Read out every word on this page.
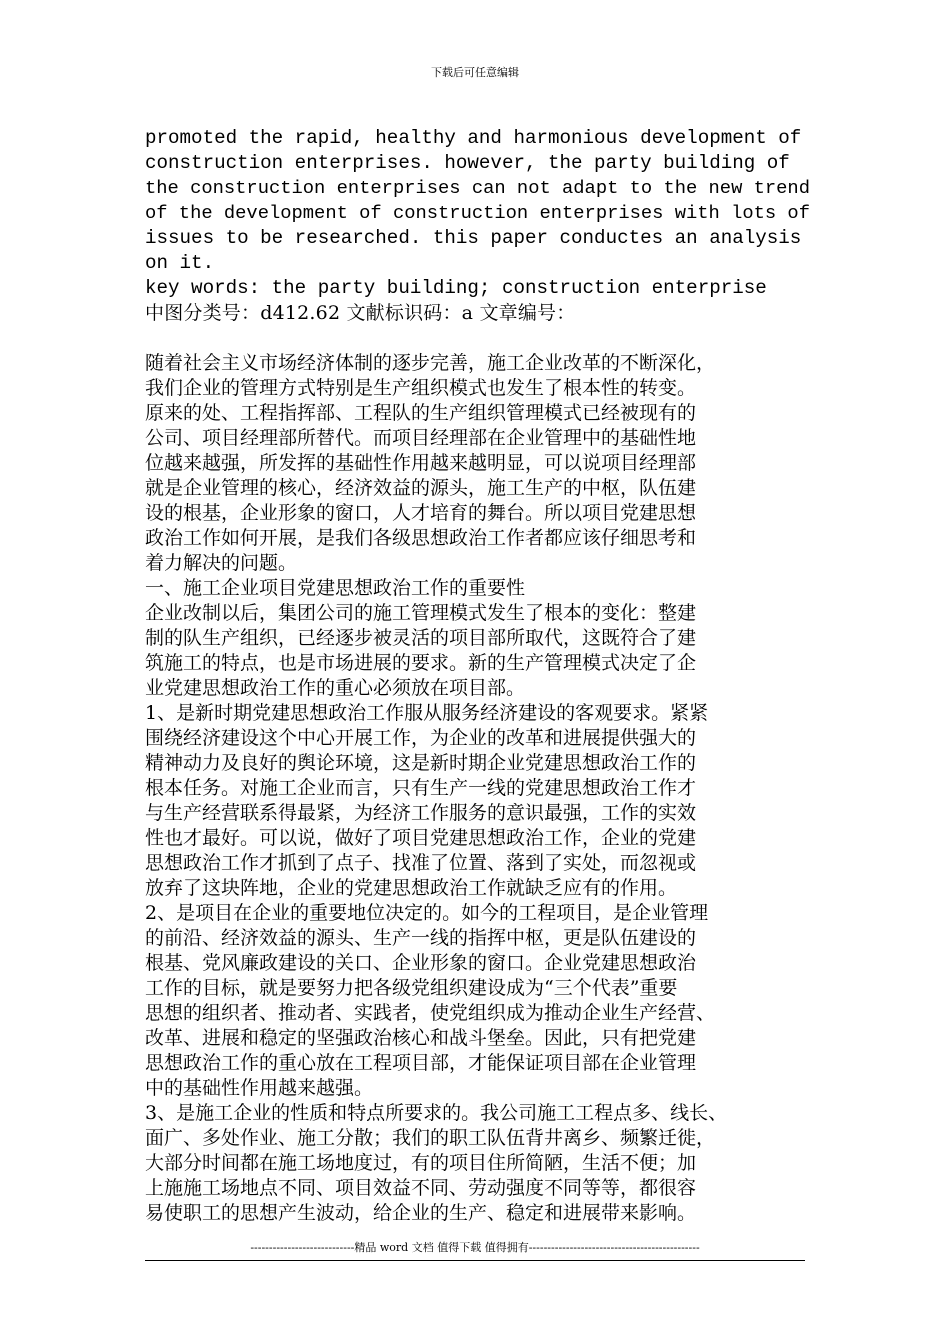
下载后可任意编辑

promoted the rapid, healthy and harmonious development of

construction enterprises. however, the party building of

the construction enterprises can not adapt to the new trend

of the development of construction enterprises with lots of

issues to be researched. this paper conductes an analysis

on it.

key words: the party building; construction enterprise

中图分类号：d412.62 文献标识码：a 文章编号：

随着社会主义市场经济体制的逐步完善，施工企业改革的不断深化，

我们企业的管理方式特别是生产组织模式也发生了根本性的转变。

原来的处、工程指挥部、工程队的生产组织管理模式已经被现有的

公司、项目经理部所替代。而项目经理部在企业管理中的基础性地

位越来越强，所发挥的基础性作用越来越明显，可以说项目经理部

就是企业管理的核心，经济效益的源头，施工生产的中枢，队伍建

设的根基，企业形象的窗口，人才培育的舞台。所以项目党建思想

政治工作如何开展，是我们各级思想政治工作者都应该仔细思考和

着力解决的问题。

一、施工企业项目党建思想政治工作的重要性

企业改制以后，集团公司的施工管理模式发生了根本的变化：整建

制的队生产组织，已经逐步被灵活的项目部所取代，这既符合了建

筑施工的特点，也是市场进展的要求。新的生产管理模式决定了企

业党建思想政治工作的重心必须放在项目部。

1、是新时期党建思想政治工作服从服务经济建设的客观要求。紧紧

围绕经济建设这个中心开展工作，为企业的改革和进展提供强大的

精神动力及良好的舆论环境，这是新时期企业党建思想政治工作的

根本任务。对施工企业而言，只有生产一线的党建思想政治工作才

与生产经营联系得最紧，为经济工作服务的意识最强，工作的实效

性也才最好。可以说，做好了项目党建思想政治工作，企业的党建

思想政治工作才抓到了点子、找准了位置、落到了实处，而忽视或

放弃了这块阵地，企业的党建思想政治工作就缺乏应有的作用。

2、是项目在企业的重要地位决定的。如今的工程项目，是企业管理

的前沿、经济效益的源头、生产一线的指挥中枢，更是队伍建设的

根基、党风廉政建设的关口、企业形象的窗口。企业党建思想政治

工作的目标，就是要努力把各级党组织建设成为“三个代表”重要

思想的组织者、推动者、实践者，使党组织成为推动企业生产经营、

改革、进展和稳定的坚强政治核心和战斗堡垒。因此，只有把党建

思想政治工作的重心放在工程项目部，才能保证项目部在企业管理

中的基础性作用越来越强。

3、是施工企业的性质和特点所要求的。我公司施工工程点多、线长、

面广、多处作业、施工分散；我们的职工队伍背井离乡、频繁迁徙，

大部分时间都在施工场地度过，有的项目住所简陋，生活不便；加

上施施工场地点不同、项目效益不同、劳动强度不同等等，都很容

易使职工的思想产生波动，给企业的生产、稳定和进展带来影响。

----------------------------精品 word 文档 值得下载 值得拥有----------------------------------------------
